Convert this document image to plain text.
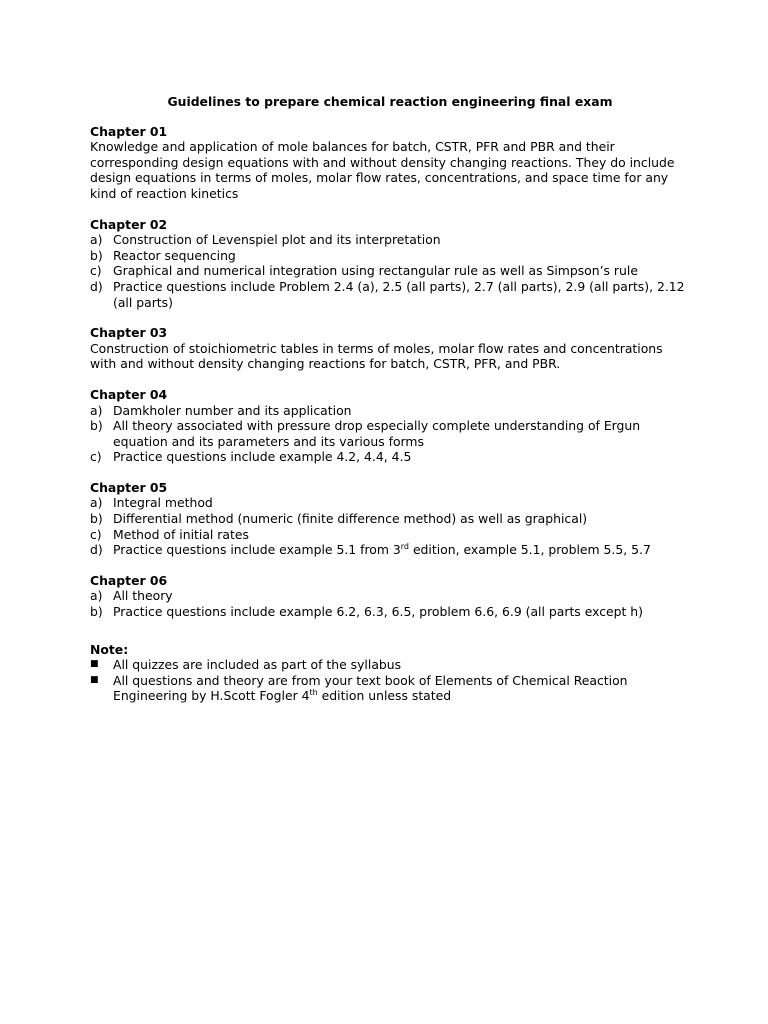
Guidelines to prepare chemical reaction engineering final exam
Chapter 01
Knowledge and application of mole balances for batch, CSTR, PFR and PBR and their corresponding design equations with and without density changing reactions. They do include design equations in terms of moles, molar flow rates, concentrations, and space time for any kind of reaction kinetics
Chapter 02
a) Construction of Levenspiel plot and its interpretation
b) Reactor sequencing
c) Graphical and numerical integration using rectangular rule as well as Simpson’s rule
d) Practice questions include Problem 2.4 (a), 2.5 (all parts), 2.7 (all parts), 2.9 (all parts), 2.12 (all parts)
Chapter 03
Construction of stoichiometric tables in terms of moles, molar flow rates and concentrations with and without density changing reactions for batch, CSTR, PFR, and PBR.
Chapter 04
a) Damkholer number and its application
b) All theory associated with pressure drop especially complete understanding of Ergun equation and its parameters and its various forms
c) Practice questions include example 4.2, 4.4, 4.5
Chapter 05
a) Integral method
b) Differential method (numeric (finite difference method) as well as graphical)
c) Method of initial rates
d) Practice questions include example 5.1 from 3rd edition, example 5.1, problem 5.5, 5.7
Chapter 06
a) All theory
b) Practice questions include example 6.2, 6.3, 6.5, problem 6.6, 6.9 (all parts except h)
Note:
■	All quizzes are included as part of the syllabus
■	All questions and theory are from your text book of Elements of Chemical Reaction Engineering by H.Scott Fogler 4th edition unless stated
